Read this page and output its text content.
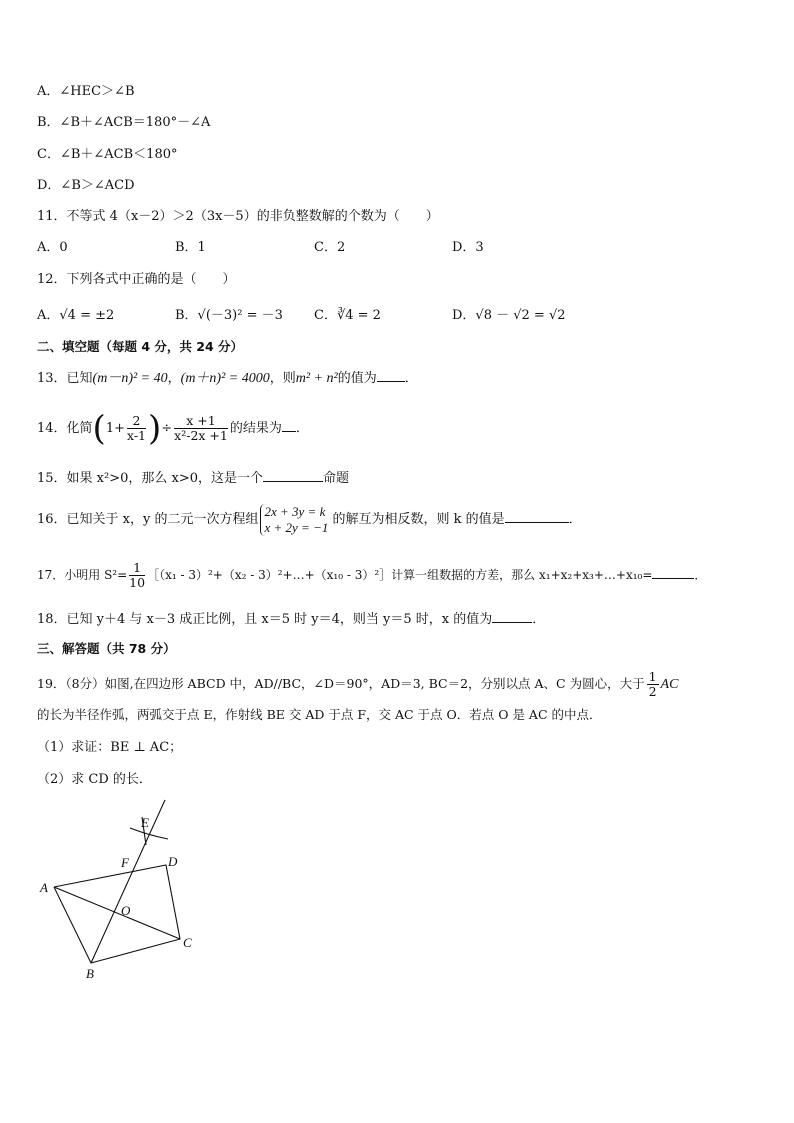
A．∠HEC＞∠B
B．∠B＋∠ACB＝180°－∠A
C．∠B＋∠ACB＜180°
D．∠B＞∠ACD
11．不等式 4（x－2）＞2（3x－5）的非负整数解的个数为（　　）
A．0	B．1	C．2	D．3
12．下列各式中正确的是（　　）
A．√4 = ±2	B．√(－3)² = －3 C．∛4 = 2	D．√8 － √2 = √2
二、填空题（每题 4 分，共 24 分）
13．已知(m－n)² = 40，(m＋n)² = 4000，则m² + n²的值为 ．
14．化简($1+ \frac{2}{x-1}$ )÷ $\frac{x +1}{\text{x²-2x +1}}$ 的结果为 ．
15．如果 x²>0，那么 x>0，这是一个	命题
16．已知关于 x，y 的二元一次方程组
2x + 3y = k
x + 2y = −1 的解互为相反数，则 k 的值是	．
17．小明用 $S^2= \frac{1}{10}$ ［（x₁ - 3）²+（x₂ - 3）²+…+（x₁₀ - 3）²］计算一组数据的方差，那么 x₁+x₂+x₃+…+x₁₀=	．
18．已知 y＋4 与 x－3 成正比例，且 x＝5 时 y＝4，则当 y＝5 时，x 的值为	．
三、解答题（共 78 分）
19．（8分）如图,在四边形 ABCD 中，AD//BC，∠D＝90°，AD＝3, BC＝2，分别以点 A、C 为圆心，大于 $\frac{1}{2}$ AC
的长为半径作弧，两弧交于点 E，作射线 BE 交 AD 于点 F，交 AC 于点 O．若点 O 是 AC 的中点．
（1）求证：BE ⊥ AC；
（2）求 CD 的长．
A
B
C
D
E
F
O
